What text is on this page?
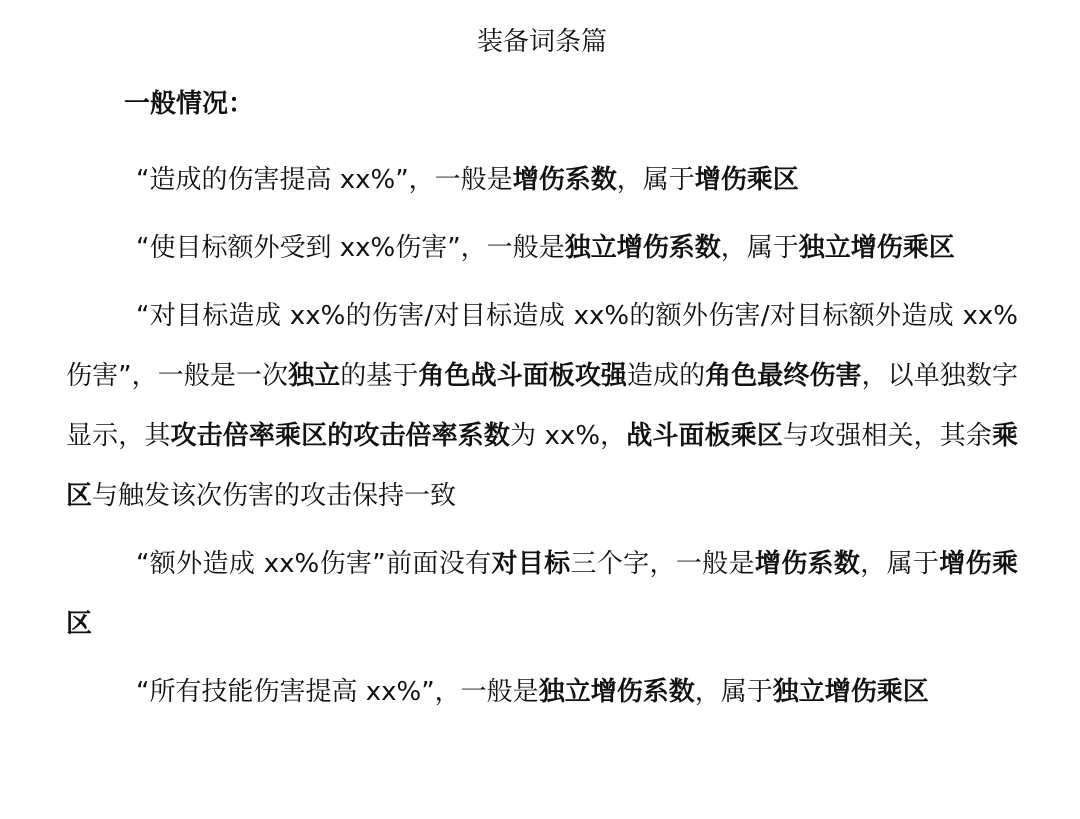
装备词条篇
一般情况：

“造成的伤害提高 xx%”，一般是增伤系数，属于增伤乘区

“使目标额外受到 xx%伤害”，一般是独立增伤系数，属于独立增伤乘区

“对目标造成 xx%的伤害/对目标造成 xx%的额外伤害/对目标额外造成 xx%伤害”，一般是一次独立的基于角色战斗面板攻强造成的角色最终伤害，以单独数字显示，其攻击倍率乘区的攻击倍率系数为 xx%，战斗面板乘区与攻强相关，其余乘区与触发该次伤害的攻击保持一致

“额外造成 xx%伤害”前面没有对目标三个字，一般是增伤系数，属于增伤乘区

“所有技能伤害提高 xx%”，一般是独立增伤系数，属于独立增伤乘区
